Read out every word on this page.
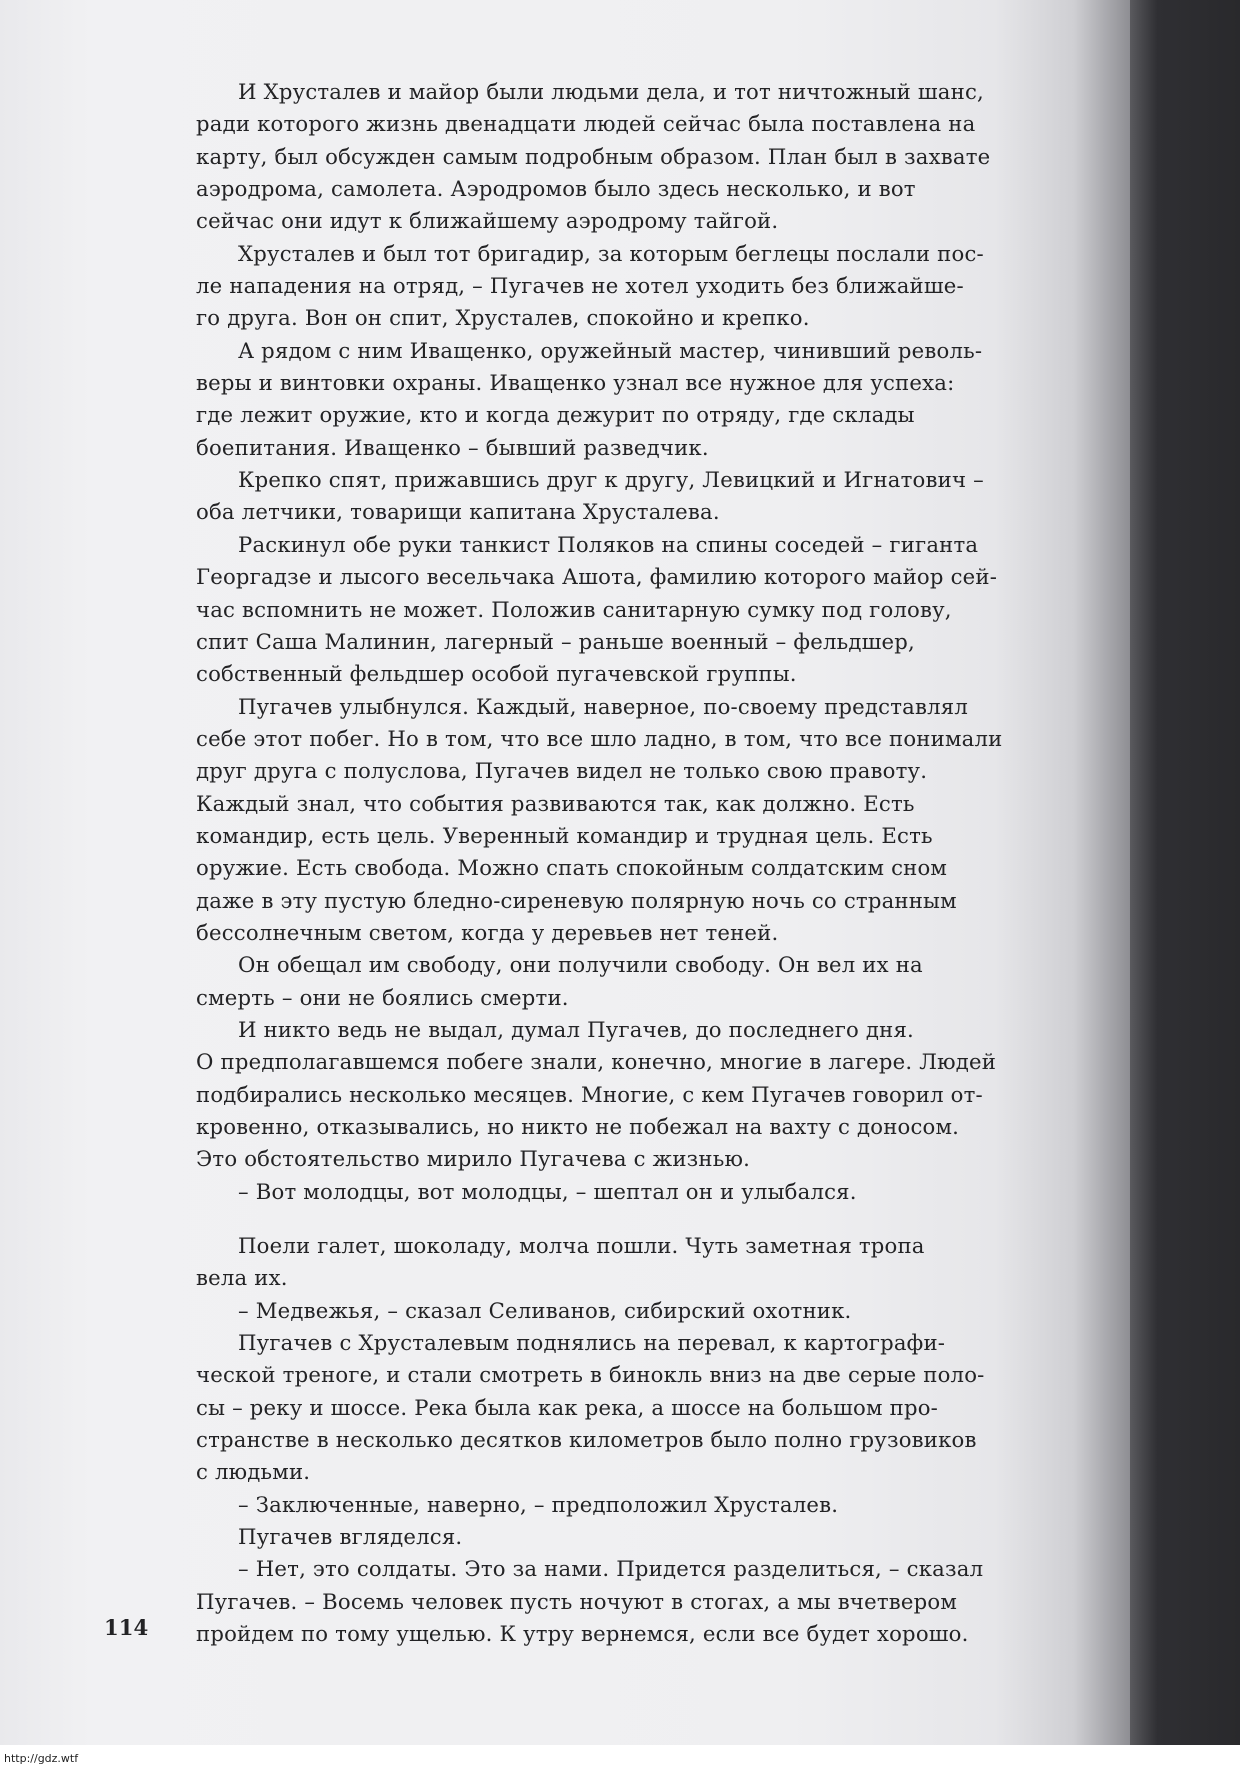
И Хрусталев и майор были людьми дела, и тот ничтожный шанс,
ради которого жизнь двенадцати людей сейчас была поставлена на
карту, был обсужден самым подробным образом. План был в захвате
аэродрома, самолета. Аэродромов было здесь несколько, и вот
сейчас они идут к ближайшему аэродрому тайгой.
Хрусталев и был тот бригадир, за которым беглецы послали пос-
ле нападения на отряд, – Пугачев не хотел уходить без ближайше-
го друга. Вон он спит, Хрусталев, спокойно и крепко.
А рядом с ним Иващенко, оружейный мастер, чинивший револь-
веры и винтовки охраны. Иващенко узнал все нужное для успеха:
где лежит оружие, кто и когда дежурит по отряду, где склады
боепитания. Иващенко – бывший разведчик.
Крепко спят, прижавшись друг к другу, Левицкий и Игнатович –
оба летчики, товарищи капитана Хрусталева.
Раскинул обе руки танкист Поляков на спины соседей – гиганта
Георгадзе и лысого весельчака Ашота, фамилию которого майор сей-
час вспомнить не может. Положив санитарную сумку под голову,
спит Саша Малинин, лагерный – раньше военный – фельдшер,
собственный фельдшер особой пугачевской группы.
Пугачев улыбнулся. Каждый, наверное, по-своему представлял
себе этот побег. Но в том, что все шло ладно, в том, что все понимали
друг друга с полуслова, Пугачев видел не только свою правоту.
Каждый знал, что события развиваются так, как должно. Есть
командир, есть цель. Уверенный командир и трудная цель. Есть
оружие. Есть свобода. Можно спать спокойным солдатским сном
даже в эту пустую бледно-сиреневую полярную ночь со странным
бессолнечным светом, когда у деревьев нет теней.
Он обещал им свободу, они получили свободу. Он вел их на
смерть – они не боялись смерти.
И никто ведь не выдал, думал Пугачев, до последнего дня.
О предполагавшемся побеге знали, конечно, многие в лагере. Людей
подбирались несколько месяцев. Многие, с кем Пугачев говорил от-
кровенно, отказывались, но никто не побежал на вахту с доносом.
Это обстоятельство мирило Пугачева с жизнью.
– Вот молодцы, вот молодцы, – шептал он и улыбался.
Поели галет, шоколаду, молча пошли. Чуть заметная тропа
вела их.
– Медвежья, – сказал Селиванов, сибирский охотник.
Пугачев с Хрусталевым поднялись на перевал, к картографи-
ческой треноге, и стали смотреть в бинокль вниз на две серые поло-
сы – реку и шоссе. Река была как река, а шоссе на большом про-
странстве в несколько десятков километров было полно грузовиков
с людьми.
– Заключенные, наверно, – предположил Хрусталев.
Пугачев вгляделся.
– Нет, это солдаты. Это за нами. Придется разделиться, – сказал
Пугачев. – Восемь человек пусть ночуют в стогах, а мы вчетвером
пройдем по тому ущелью. К утру вернемся, если все будет хорошо.
114
http://gdz.wtf
